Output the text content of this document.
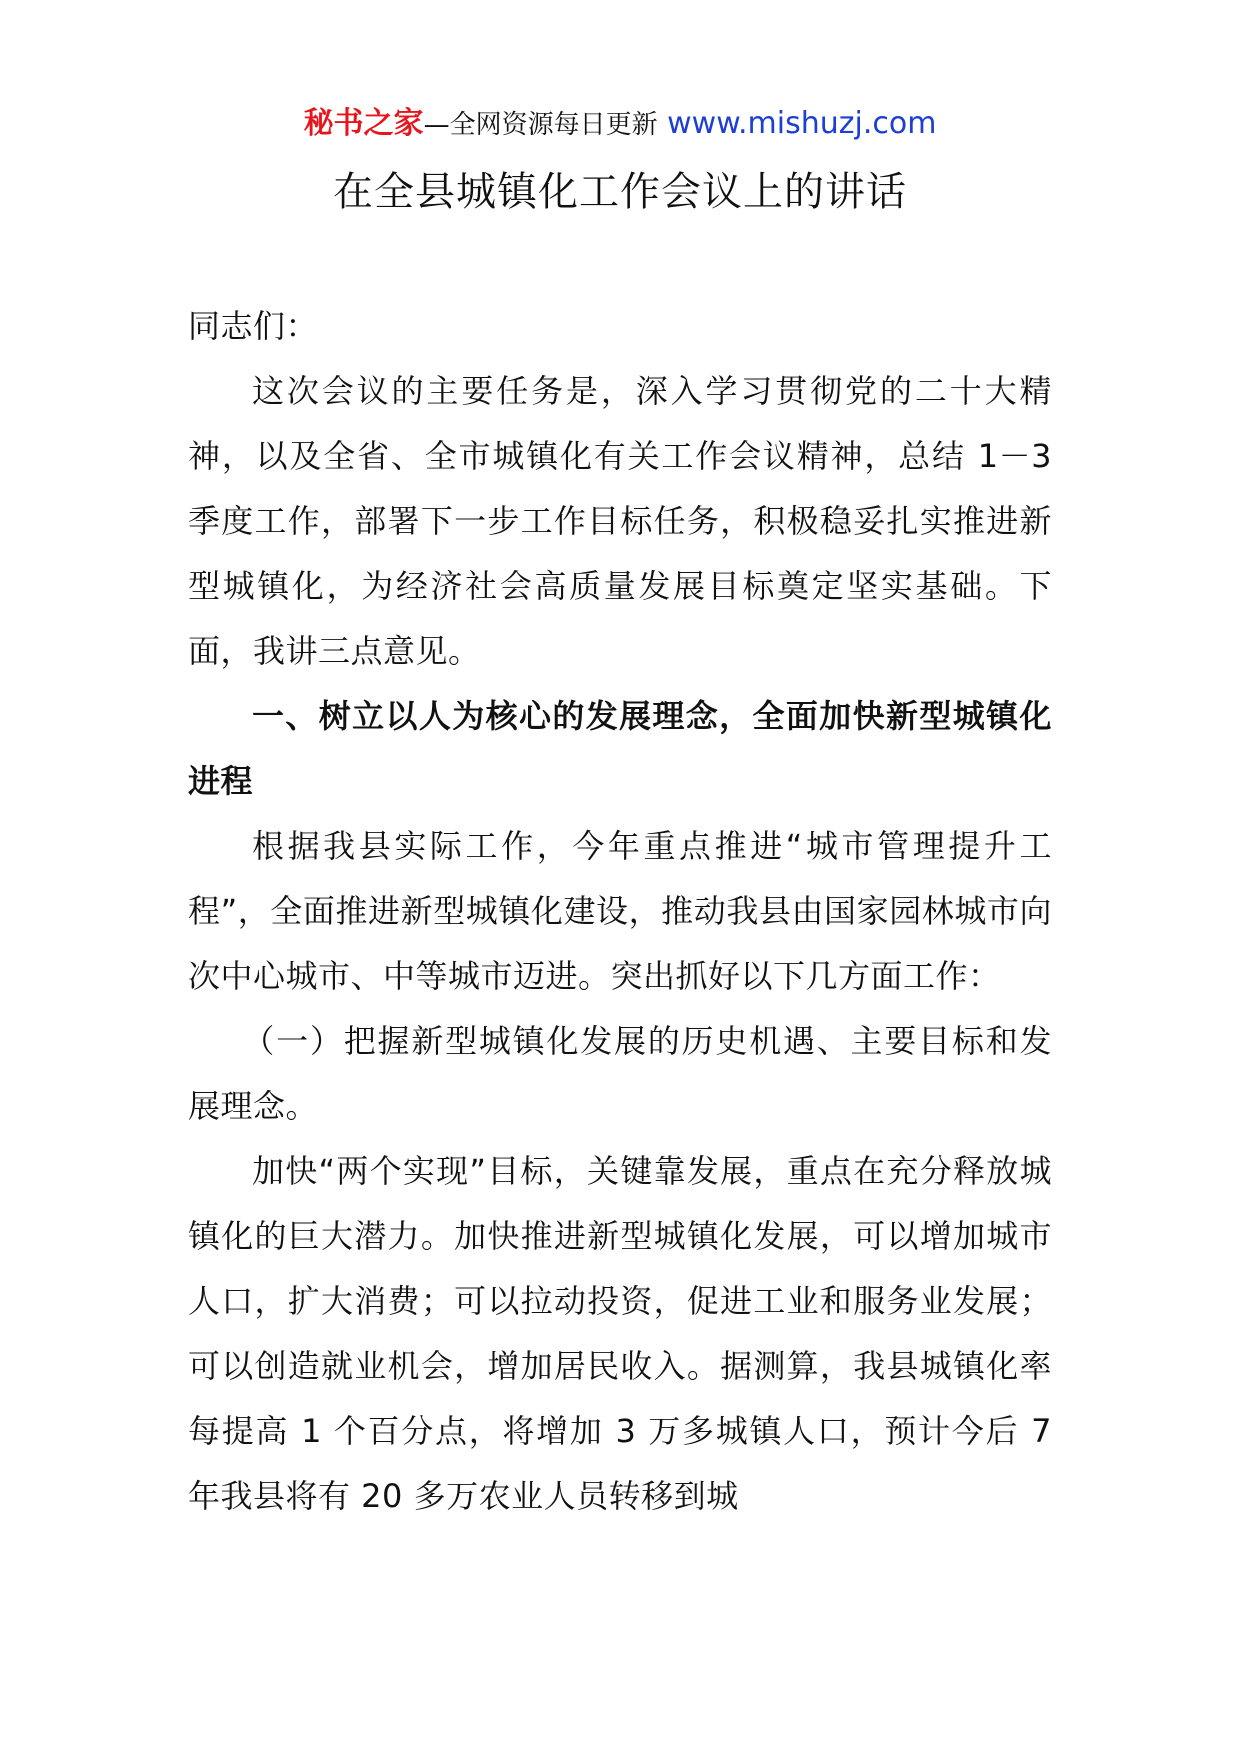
秘书之家—全网资源每日更新 www.mishuzj.com
在全县城镇化工作会议上的讲话

同志们：

这次会议的主要任务是，深入学习贯彻党的二十大精神，以及全省、全市城镇化有关工作会议精神，总结 1－3 季度工作，部署下一步工作目标任务，积极稳妥扎实推进新型城镇化，为经济社会高质量发展目标奠定坚实基础。下面，我讲三点意见。

一、树立以人为核心的发展理念，全面加快新型城镇化进程

根据我县实际工作，今年重点推进“城市管理提升工程”，全面推进新型城镇化建设，推动我县由国家园林城市向次中心城市、中等城市迈进。突出抓好以下几方面工作：

（一）把握新型城镇化发展的历史机遇、主要目标和发展理念。

加快“两个实现”目标，关键靠发展，重点在充分释放城镇化的巨大潜力。加快推进新型城镇化发展，可以增加城市人口，扩大消费；可以拉动投资，促进工业和服务业发展；可以创造就业机会，增加居民收入。据测算，我县城镇化率每提高 1 个百分点，将增加 3 万多城镇人口，预计今后 7 年我县将有 20 多万农业人员转移到城
